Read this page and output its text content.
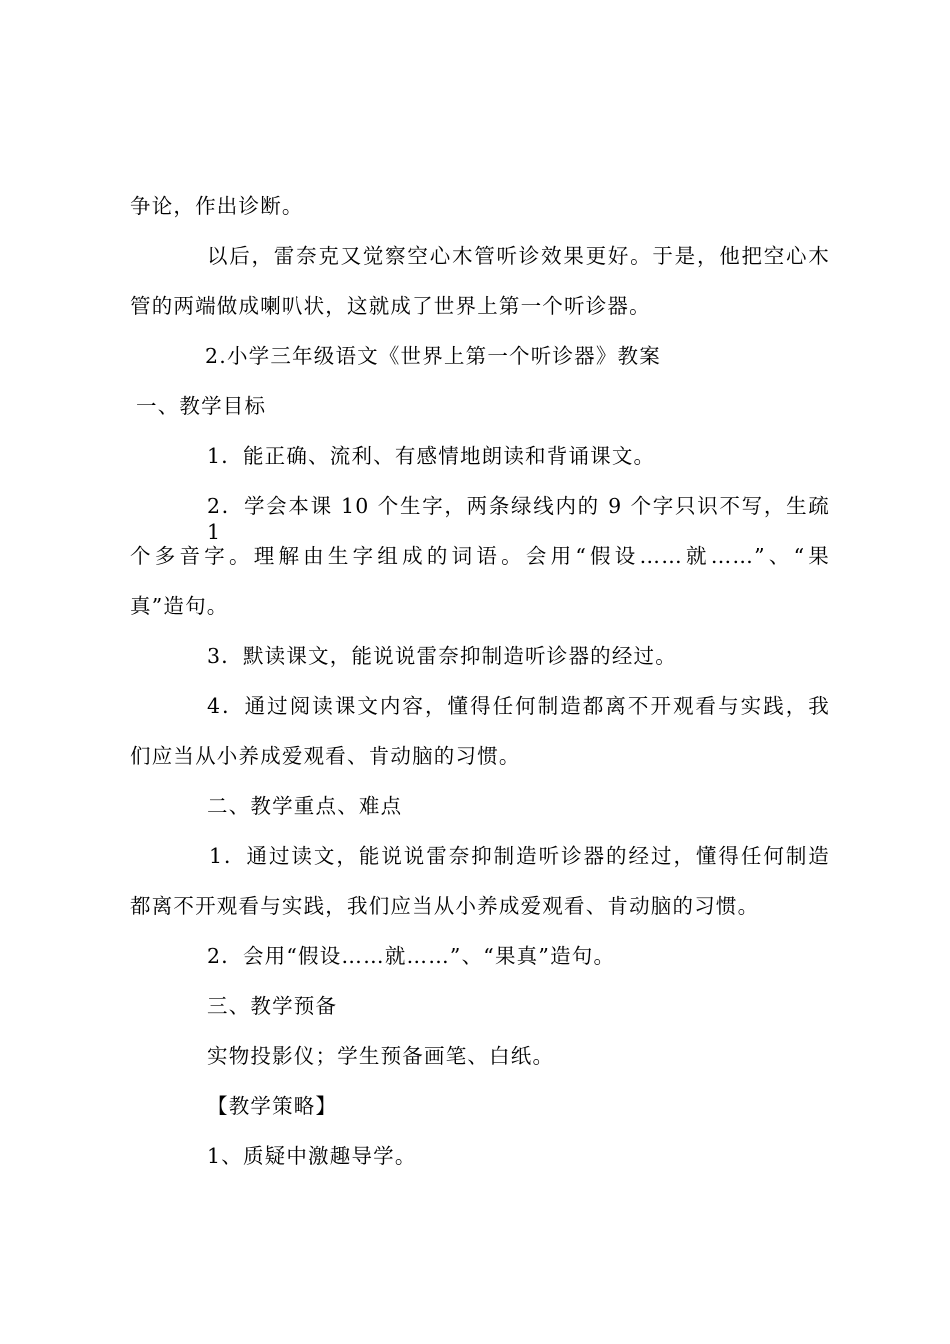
争论，作出诊断。
以后，雷奈克又觉察空心木管听诊效果更好。于是，他把空心木
管的两端做成喇叭状，这就成了世界上第一个听诊器。
2.小学三年级语文《世界上第一个听诊器》教案
一、教学目标
1．能正确、流利、有感情地朗读和背诵课文。
2．学会本课 10 个生字，两条绿线内的 9 个字只识不写，生疏 1
个多音字。理解由生字组成的词语。会用“假设……就……”、“果
真”造句。
3．默读课文，能说说雷奈抑制造听诊器的经过。
4．通过阅读课文内容，懂得任何制造都离不开观看与实践，我
们应当从小养成爱观看、肯动脑的习惯。
二、教学重点、难点
1．通过读文，能说说雷奈抑制造听诊器的经过，懂得任何制造
都离不开观看与实践，我们应当从小养成爱观看、肯动脑的习惯。
2．会用“假设……就……”、“果真”造句。
三、教学预备
实物投影仪；学生预备画笔、白纸。
【教学策略】
1、质疑中激趣导学。
